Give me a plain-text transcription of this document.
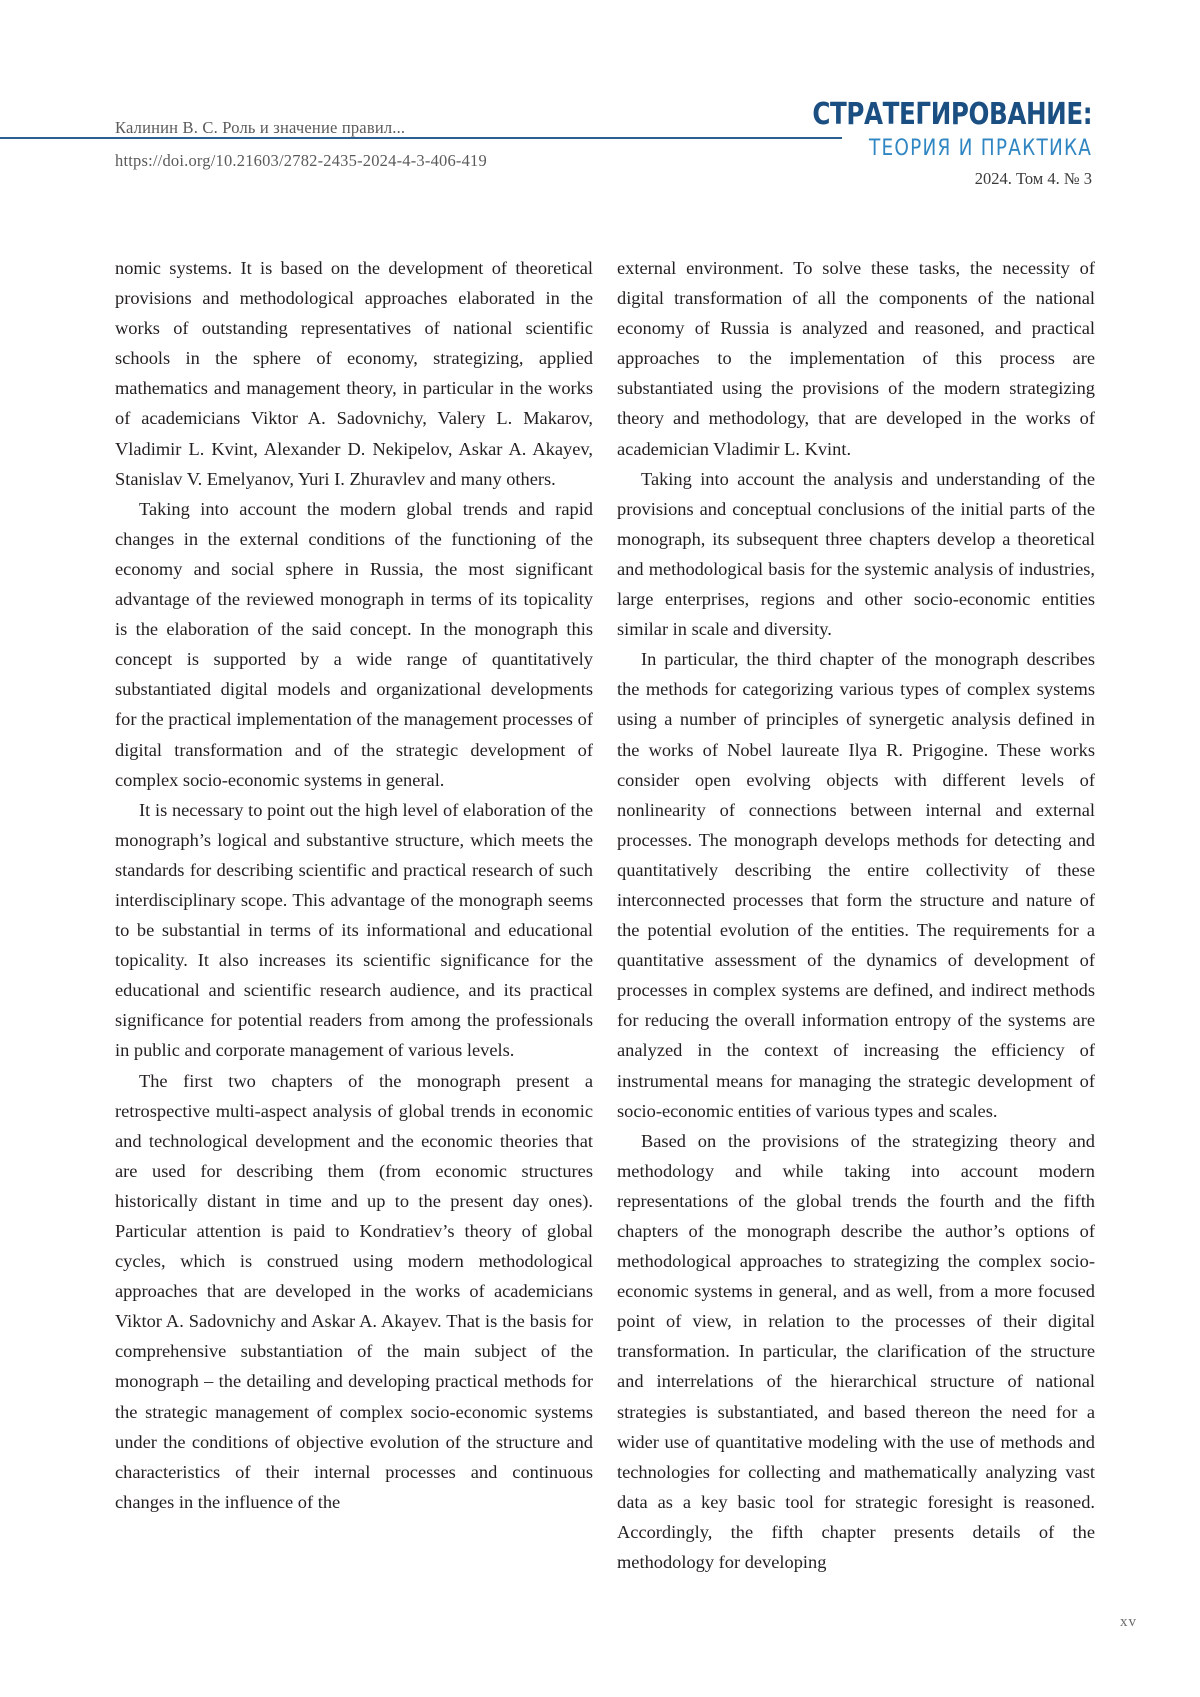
Калинин В. С. Роль и значение правил...
https://doi.org/10.21603/2782-2435-2024-4-3-406-419
СТРАТЕГИРОВАНИЕ:
ТЕОРИЯ И ПРАКТИКА
2024. Том 4. № 3

nomic systems. It is based on the development of theoretical provisions and methodological approaches elaborated in the works of outstanding representatives of national scientific schools in the sphere of economy, strategizing, applied mathematics and management theory, in particular in the works of academicians Viktor A. Sadovnichy, Valery L. Makarov, Vladimir L. Kvint, Alexander D. Nekipelov, Askar A. Akayev, Stanislav V. Emelyanov, Yuri I. Zhuravlev and many others.

Taking into account the modern global trends and rapid changes in the external conditions of the functioning of the economy and social sphere in Russia, the most significant advantage of the reviewed monograph in terms of its topicality is the elaboration of the said concept. In the monograph this concept is supported by a wide range of quantitatively substantiated digital models and organizational developments for the practical implementation of the management processes of digital transformation and of the strategic development of complex socio-economic systems in general.

It is necessary to point out the high level of elaboration of the monograph’s logical and substantive structure, which meets the standards for describing scientific and practical research of such interdisciplinary scope. This advantage of the monograph seems to be substantial in terms of its informational and educational topicality. It also increases its scientific significance for the educational and scientific research audience, and its practical significance for potential readers from among the professionals in public and corporate management of various levels.

The first two chapters of the monograph present a retrospective multi-aspect analysis of global trends in economic and technological development and the economic theories that are used for describing them (from economic structures historically distant in time and up to the present day ones). Particular attention is paid to Kondratiev’s theory of global cycles, which is construed using modern methodological approaches that are developed in the works of academicians Viktor A. Sadovnichy and Askar A. Akayev. That is the basis for comprehensive substantiation of the main subject of the monograph – the detailing and developing practical methods for the strategic management of complex socio-economic systems under the conditions of objective evolution of the structure and characteristics of their internal processes and continuous changes in the influence of the

external environment. To solve these tasks, the necessity of digital transformation of all the components of the national economy of Russia is analyzed and reasoned, and practical approaches to the implementation of this process are substantiated using the provisions of the modern strategizing theory and methodology, that are developed in the works of academician Vladimir L. Kvint.

Taking into account the analysis and understanding of the provisions and conceptual conclusions of the initial parts of the monograph, its subsequent three chapters develop a theoretical and methodological basis for the systemic analysis of industries, large enterprises, regions and other socio-economic entities similar in scale and diversity.

In particular, the third chapter of the monograph describes the methods for categorizing various types of complex systems using a number of principles of synergetic analysis defined in the works of Nobel laureate Ilya R. Prigogine. These works consider open evolving objects with different levels of nonlinearity of connections between internal and external processes. The monograph develops methods for detecting and quantitatively describing the entire collectivity of these interconnected processes that form the structure and nature of the potential evolution of the entities. The requirements for a quantitative assessment of the dynamics of development of processes in complex systems are defined, and indirect methods for reducing the overall information entropy of the systems are analyzed in the context of increasing the efficiency of instrumental means for managing the strategic development of socio-economic entities of various types and scales.

Based on the provisions of the strategizing theory and methodology and while taking into account modern representations of the global trends the fourth and the fifth chapters of the monograph describe the author’s options of methodological approaches to strategizing the complex socio-economic systems in general, and as well, from a more focused point of view, in relation to the processes of their digital transformation. In particular, the clarification of the structure and interrelations of the hierarchical structure of national strategies is substantiated, and based thereon the need for a wider use of quantitative modeling with the use of methods and technologies for collecting and mathematically analyzing vast data as a key basic tool for strategic foresight is reasoned. Accordingly, the fifth chapter presents details of the methodology for developing

xv
